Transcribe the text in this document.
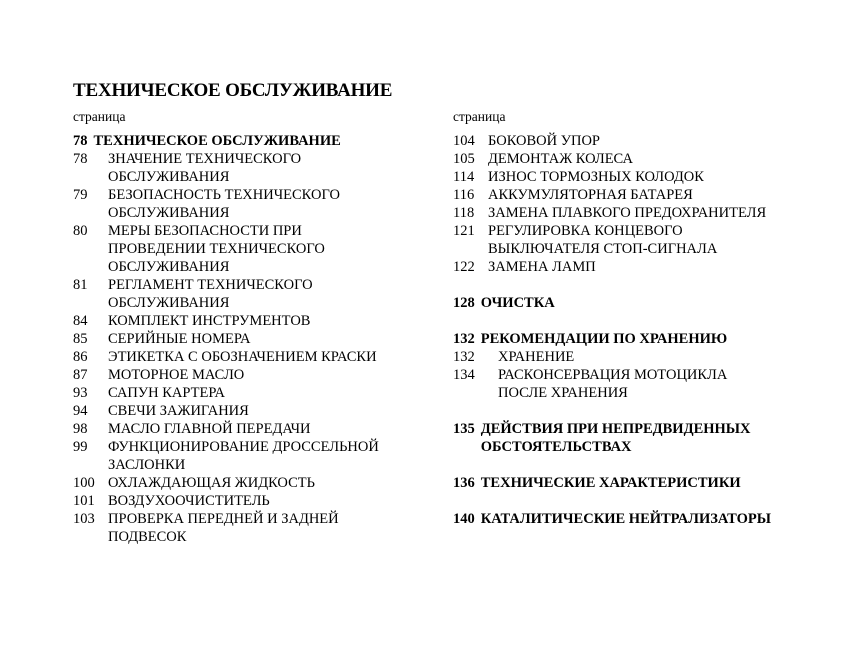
ТЕХНИЧЕСКОЕ ОБСЛУЖИВАНИЕ
страница
78 ТЕХНИЧЕСКОЕ ОБСЛУЖИВАНИЕ
78	ЗНАЧЕНИЕ ТЕХНИЧЕСКОГО
ОБСЛУЖИВАНИЯ
79	БЕЗОПАСНОСТЬ ТЕХНИЧЕСКОГО
ОБСЛУЖИВАНИЯ
80	МЕРЫ БЕЗОПАСНОСТИ ПРИ
ПРОВЕДЕНИИ ТЕХНИЧЕСКОГО
ОБСЛУЖИВАНИЯ
81	РЕГЛАМЕНТ ТЕХНИЧЕСКОГО
ОБСЛУЖИВАНИЯ
84	КОМПЛЕКТ ИНСТРУМЕНТОВ
85	СЕРИЙНЫЕ НОМЕРА
86	ЭТИКЕТКА С ОБОЗНАЧЕНИЕМ КРАСКИ
87	МОТОРНОЕ МАСЛО
93	САПУН КАРТЕРА
94	СВЕЧИ ЗАЖИГАНИЯ
98	МАСЛО ГЛАВНОЙ ПЕРЕДАЧИ
99	ФУНКЦИОНИРОВАНИЕ ДРОССЕЛЬНОЙ
ЗАСЛОНКИ
100 ОХЛАЖДАЮЩАЯ ЖИДКОСТЬ
101 ВОЗДУХООЧИСТИТЕЛЬ
103 ПРОВЕРКА ПЕРЕДНЕЙ И ЗАДНЕЙ
ПОДВЕСОК
страница
104 БОКОВОЙ УПОР
105 ДЕМОНТАЖ КОЛЕСА
114 ИЗНОС ТОРМОЗНЫХ КОЛОДОК
116 АККУМУЛЯТОРНАЯ БАТАРЕЯ
118 ЗАМЕНА ПЛАВКОГО ПРЕДОХРАНИТЕЛЯ
121 РЕГУЛИРОВКА КОНЦЕВОГО
ВЫКЛЮЧАТЕЛЯ СТОП-СИГНАЛА
122 ЗАМЕНА ЛАМП
128 ОЧИСТКА
132 РЕКОМЕНДАЦИИ ПО ХРАНЕНИЮ
132	ХРАНЕНИЕ
134	РАСКОНСЕРВАЦИЯ МОТОЦИКЛА
ПОСЛЕ ХРАНЕНИЯ
135 ДЕЙСТВИЯ ПРИ НЕПРЕДВИДЕННЫХ
ОБСТОЯТЕЛЬСТВАХ
136 ТЕХНИЧЕСКИЕ ХАРАКТЕРИСТИКИ
140 КАТАЛИТИЧЕСКИЕ НЕЙТРАЛИЗАТОРЫ
